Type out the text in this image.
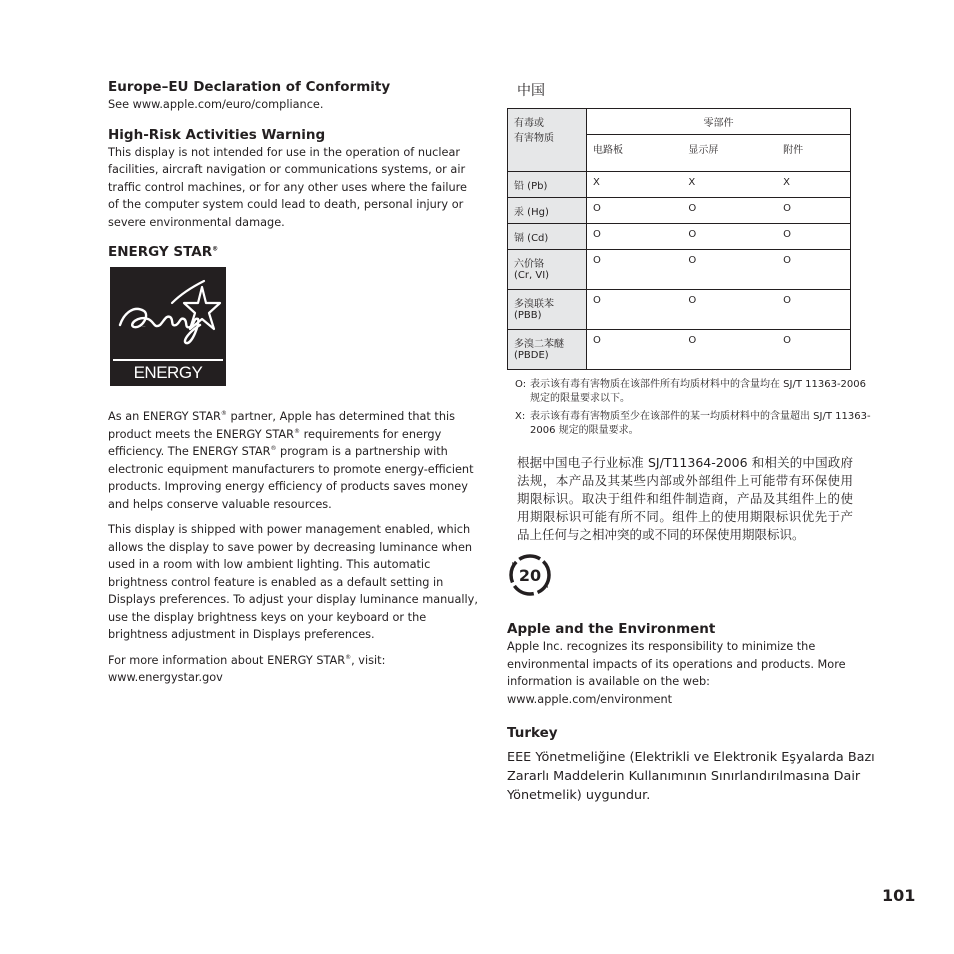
Europe–EU Declaration of Conformity

See www.apple.com/euro/compliance.

High-Risk Activities Warning

This display is not intended for use in the operation of nuclear facilities, aircraft navigation or communications systems, or air traffic control machines, or for any other uses where the failure of the computer system could lead to death, personal injury or severe environmental damage.

ENERGY STAR®

energy
ENERGY STAR

As an ENERGY STAR® partner, Apple has determined that this product meets the ENERGY STAR® requirements for energy efficiency. The ENERGY STAR® program is a partnership with electronic equipment manufacturers to promote energy-efficient products. Improving energy efficiency of products saves money and helps conserve valuable resources.

This display is shipped with power management enabled, which allows the display to save power by decreasing luminance when used in a room with low ambient lighting. This automatic brightness control feature is enabled as a default setting in Displays preferences. To adjust your display luminance manually, use the display brightness keys on your keyboard or the brightness adjustment in Displays preferences.

For more information about ENERGY STAR®, visit: www.energystar.gov

中国

有毒或
有害物质	零部件		
	电路板	显示屏	附件
铅 (Pb)	X	X	X
汞 (Hg)	O	O	O
镉 (Cd)	O	O	O
六价铬
(Cr, VI)	O	O	O
多溴联苯
(PBB)	O	O	O
多溴二苯醚
(PBDE)	O	O	O
O: 表示该有毒有害物质在该部件所有均质材料中的含量均在 SJ/T 11363-2006 规定的限量要求以下。
X: 表示该有毒有害物质至少在该部件的某一均质材料中的含量超出 SJ/T 11363-2006 规定的限量要求。

根据中国电子行业标准 SJ/T11364-2006 和相关的中国政府法规，本产品及其某些内部或外部组件上可能带有环保使用期限标识。取决于组件和组件制造商，产品及其组件上的使用期限标识可能有所不同。组件上的使用期限标识优先于产品上任何与之相冲突的或不同的环保使用期限标识。

20

Apple and the Environment

Apple Inc. recognizes its responsibility to minimize the environmental impacts of its operations and products. More information is available on the web:

www.apple.com/environment

Turkey

EEE Yönetmeliğine (Elektrikli ve Elektronik Eşyalarda Bazı Zararlı Maddelerin Kullanımının Sınırlandırılmasına Dair Yönetmelik) uygundur.

101
